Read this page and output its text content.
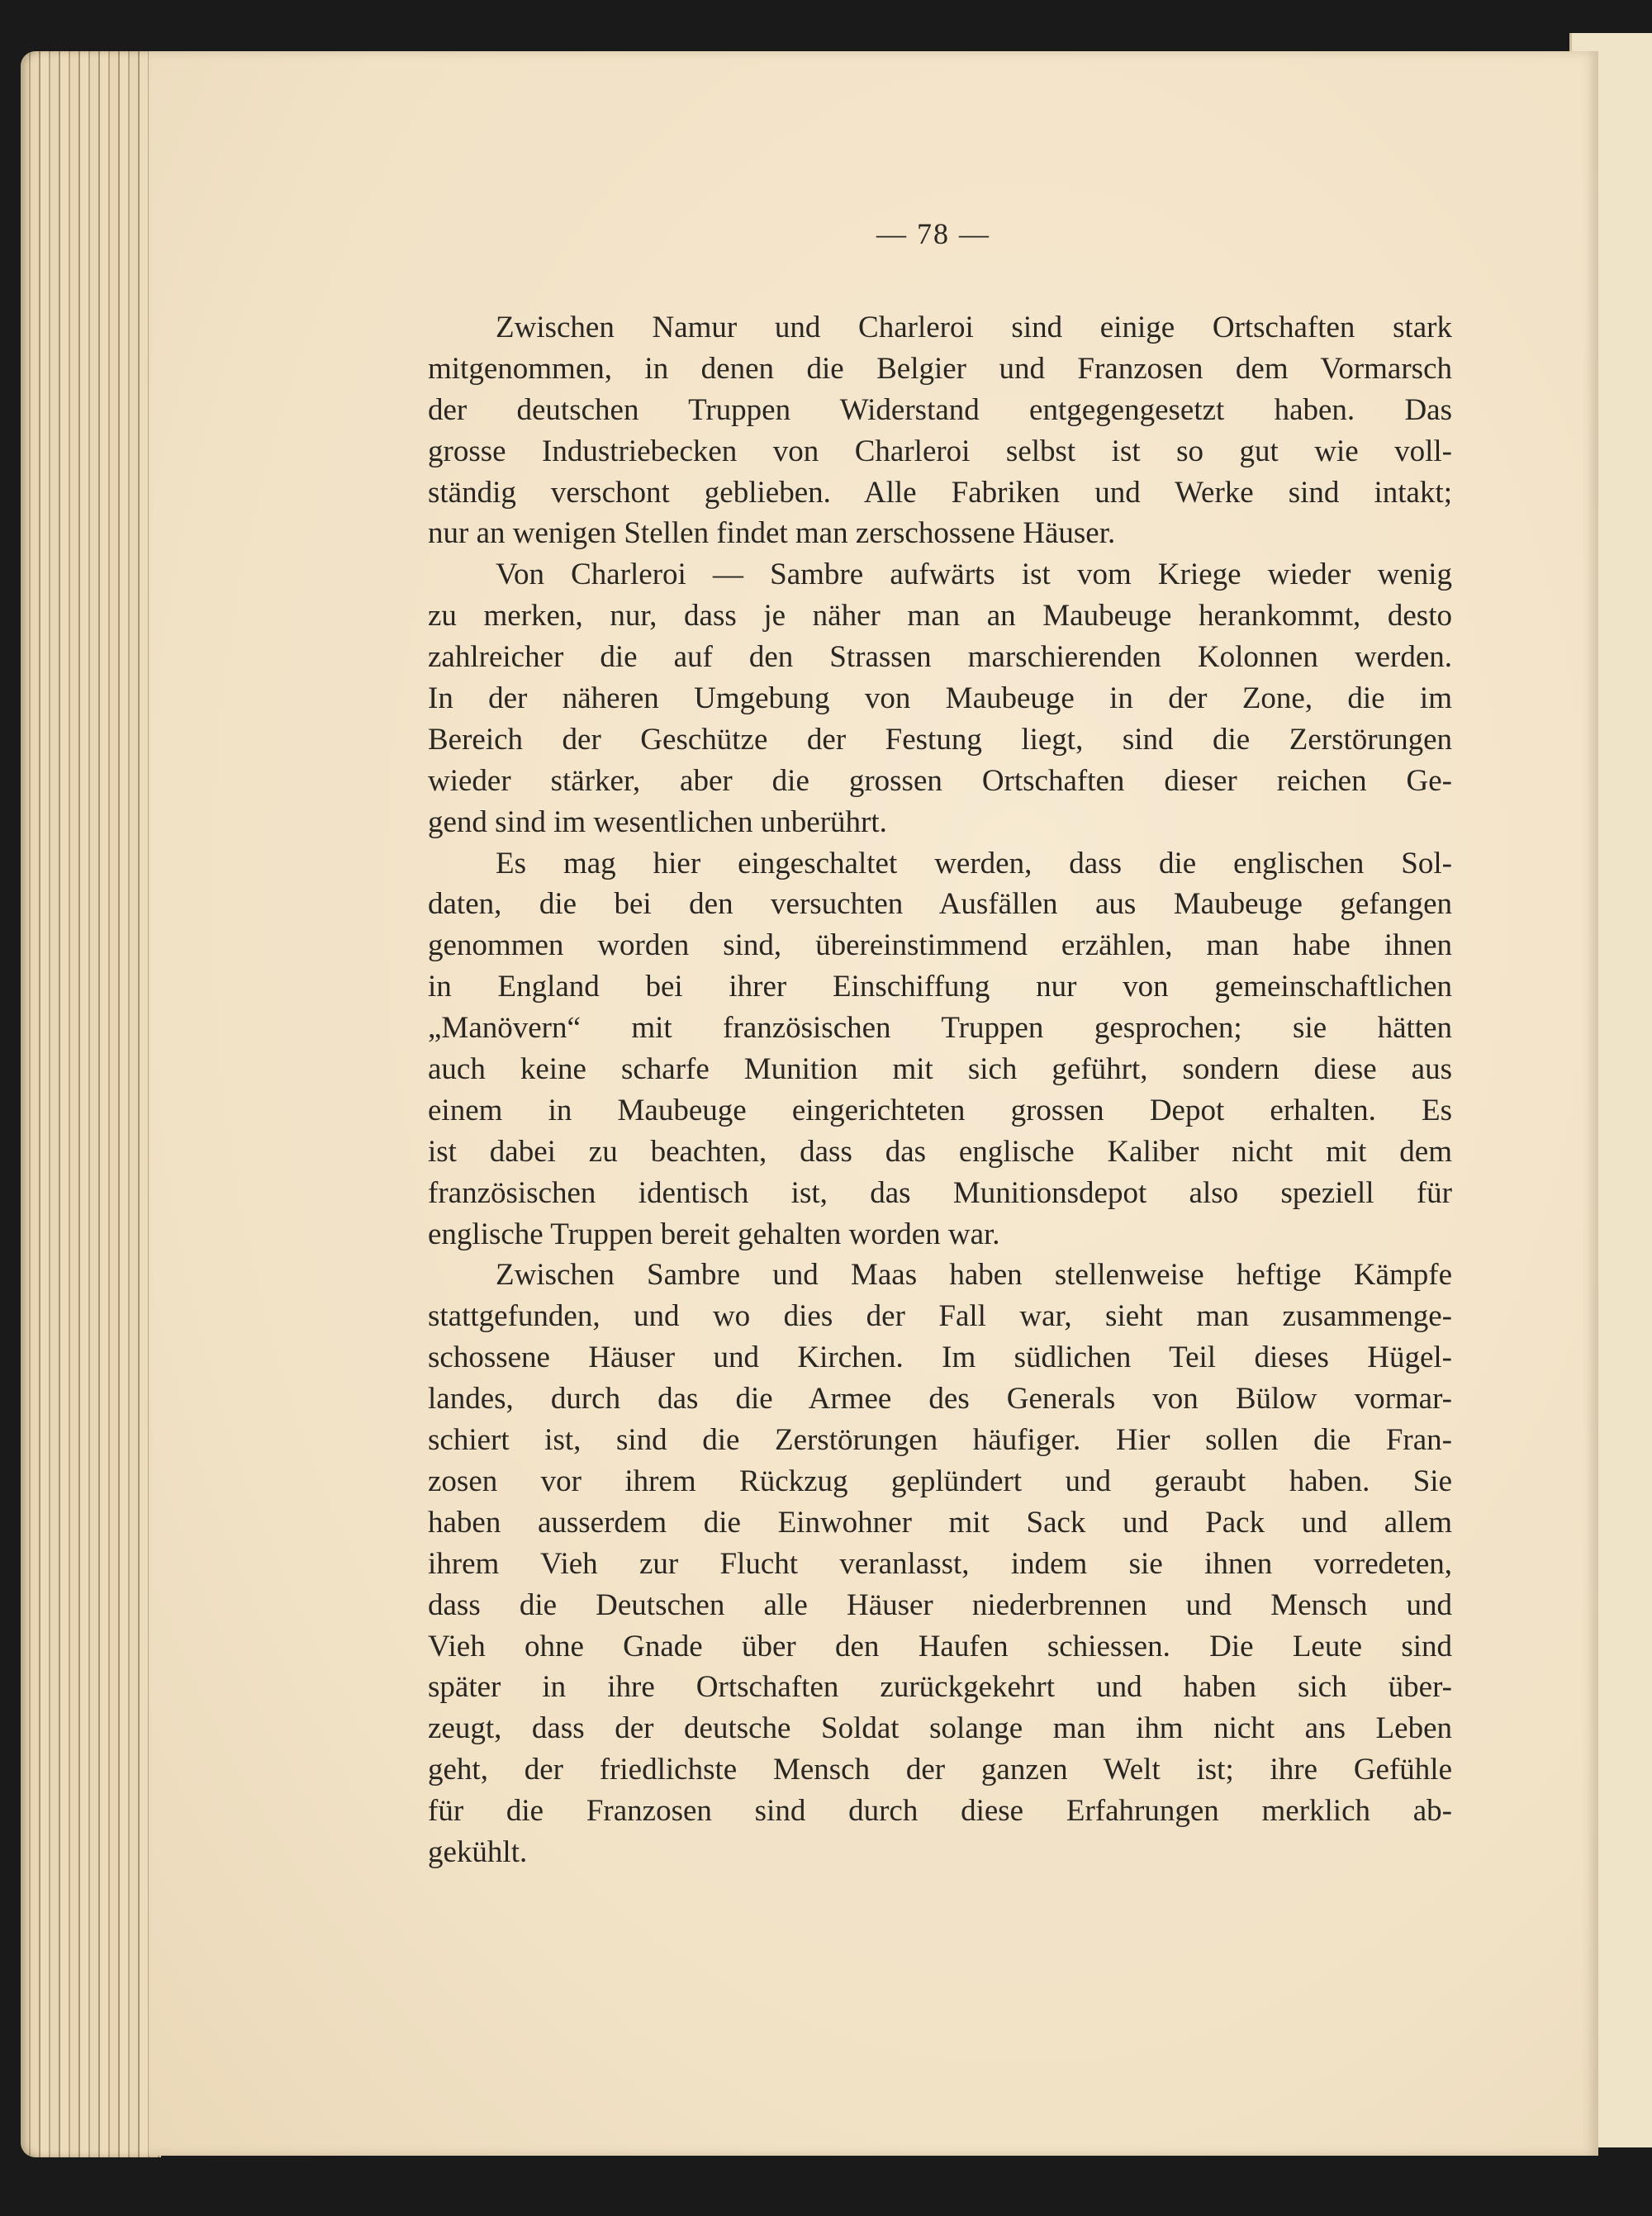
— 78 —
Zwischen Namur und Charleroi sind einige Ortschaften stark
mitgenommen, in denen die Belgier und Franzosen dem Vormarsch
der deutschen Truppen Widerstand entgegengesetzt haben. Das
grosse Industriebecken von Charleroi selbst ist so gut wie voll-
ständig verschont geblieben. Alle Fabriken und Werke sind intakt;
nur an wenigen Stellen findet man zerschossene Häuser.
Von Charleroi — Sambre aufwärts ist vom Kriege wieder wenig
zu merken, nur, dass je näher man an Maubeuge herankommt, desto
zahlreicher die auf den Strassen marschierenden Kolonnen werden.
In der näheren Umgebung von Maubeuge in der Zone, die im
Bereich der Geschütze der Festung liegt, sind die Zerstörungen
wieder stärker, aber die grossen Ortschaften dieser reichen Ge-
gend sind im wesentlichen unberührt.
Es mag hier eingeschaltet werden, dass die englischen Sol-
daten, die bei den versuchten Ausfällen aus Maubeuge gefangen
genommen worden sind, übereinstimmend erzählen, man habe ihnen
in England bei ihrer Einschiffung nur von gemeinschaftlichen
„Manövern“ mit französischen Truppen gesprochen; sie hätten
auch keine scharfe Munition mit sich geführt, sondern diese aus
einem in Maubeuge eingerichteten grossen Depot erhalten. Es
ist dabei zu beachten, dass das englische Kaliber nicht mit dem
französischen identisch ist, das Munitionsdepot also speziell für
englische Truppen bereit gehalten worden war.
Zwischen Sambre und Maas haben stellenweise heftige Kämpfe
stattgefunden, und wo dies der Fall war, sieht man zusammenge-
schossene Häuser und Kirchen. Im südlichen Teil dieses Hügel-
landes, durch das die Armee des Generals von Bülow vormar-
schiert ist, sind die Zerstörungen häufiger. Hier sollen die Fran-
zosen vor ihrem Rückzug geplündert und geraubt haben. Sie
haben ausserdem die Einwohner mit Sack und Pack und allem
ihrem Vieh zur Flucht veranlasst, indem sie ihnen vorredeten,
dass die Deutschen alle Häuser niederbrennen und Mensch und
Vieh ohne Gnade über den Haufen schiessen. Die Leute sind
später in ihre Ortschaften zurückgekehrt und haben sich über-
zeugt, dass der deutsche Soldat solange man ihm nicht ans Leben
geht, der friedlichste Mensch der ganzen Welt ist; ihre Gefühle
für die Franzosen sind durch diese Erfahrungen merklich ab-
gekühlt.
